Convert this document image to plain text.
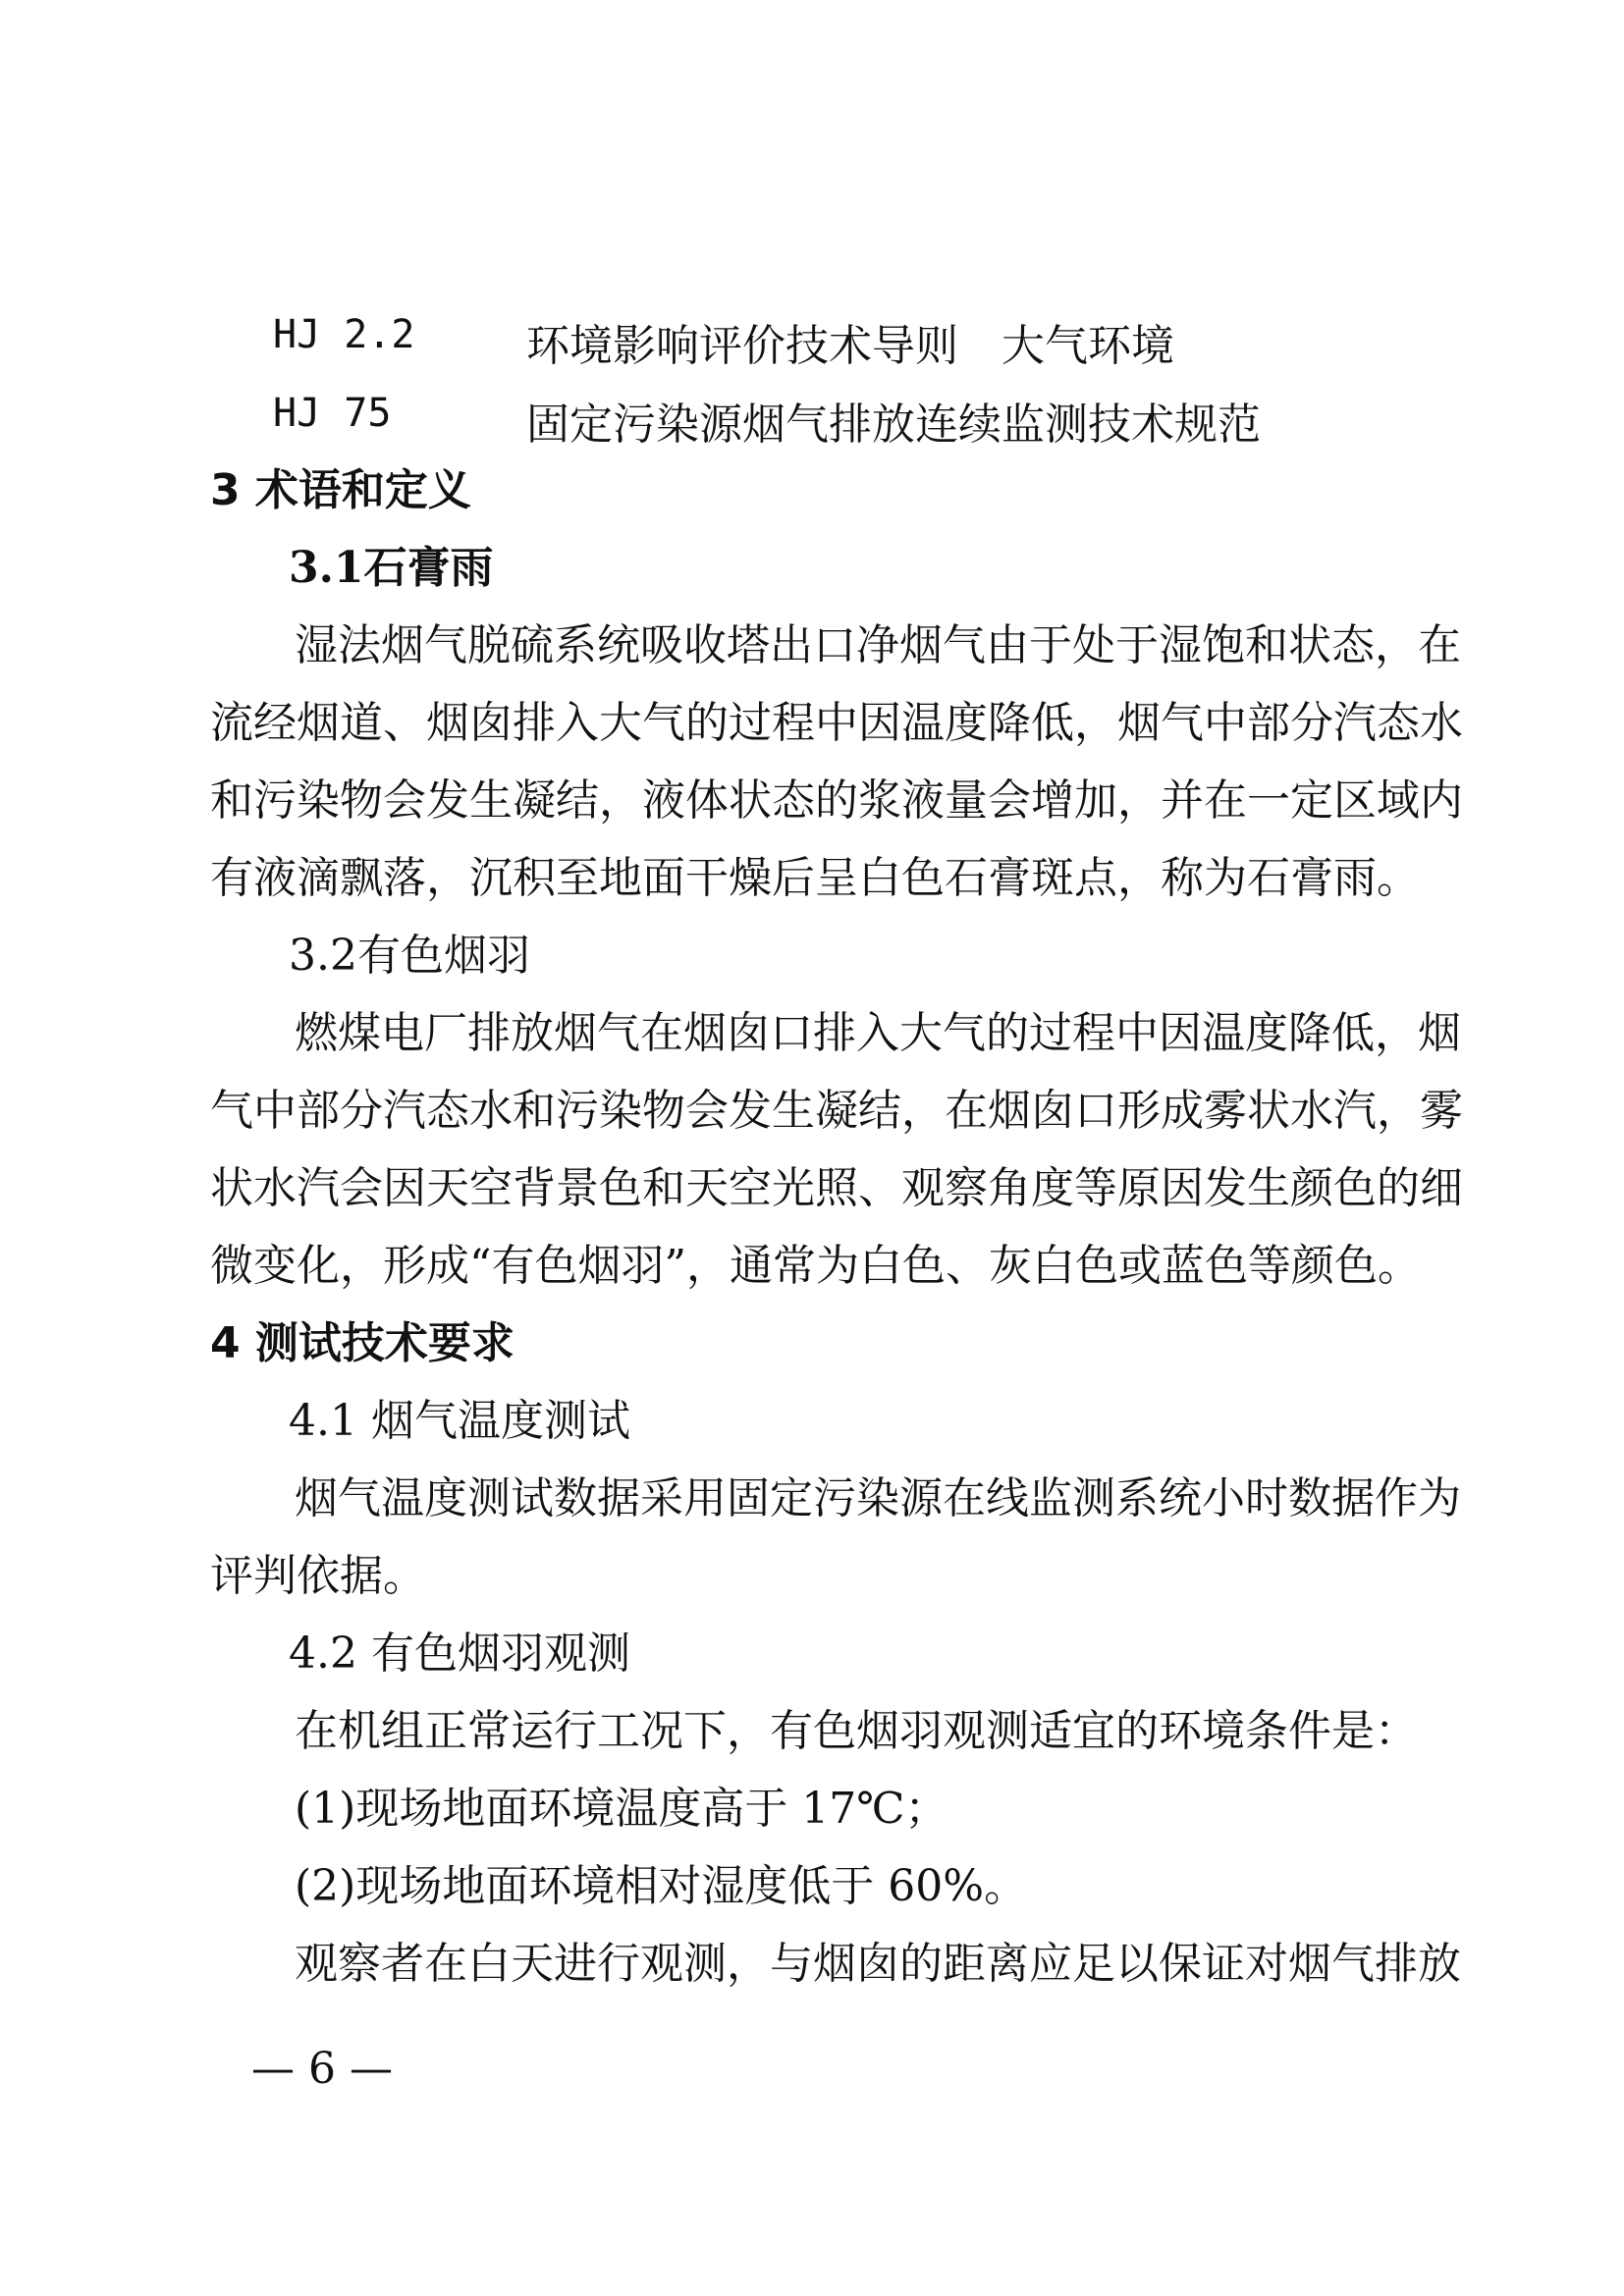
HJ 2.2	环境影响评价技术导则　大气环境
HJ 75	固定污染源烟气排放连续监测技术规范
3 术语和定义
3.1石膏雨
湿法烟气脱硫系统吸收塔出口净烟气由于处于湿饱和状态，在
流经烟道、烟囱排入大气的过程中因温度降低，烟气中部分汽态水
和污染物会发生凝结，液体状态的浆液量会增加，并在一定区域内
有液滴飘落，沉积至地面干燥后呈白色石膏斑点，称为石膏雨。
3.2有色烟羽
燃煤电厂排放烟气在烟囱口排入大气的过程中因温度降低，烟
气中部分汽态水和污染物会发生凝结，在烟囱口形成雾状水汽，雾
状水汽会因天空背景色和天空光照、观察角度等原因发生颜色的细
微变化，形成“有色烟羽”，通常为白色、灰白色或蓝色等颜色。
4 测试技术要求
4.1 烟气温度测试
烟气温度测试数据采用固定污染源在线监测系统小时数据作为
评判依据。
4.2 有色烟羽观测
在机组正常运行工况下，有色烟羽观测适宜的环境条件是：
(1)现场地面环境温度高于 17℃；
(2)现场地面环境相对湿度低于 60%。
观察者在白天进行观测，与烟囱的距离应足以保证对烟气排放
— 6 —
